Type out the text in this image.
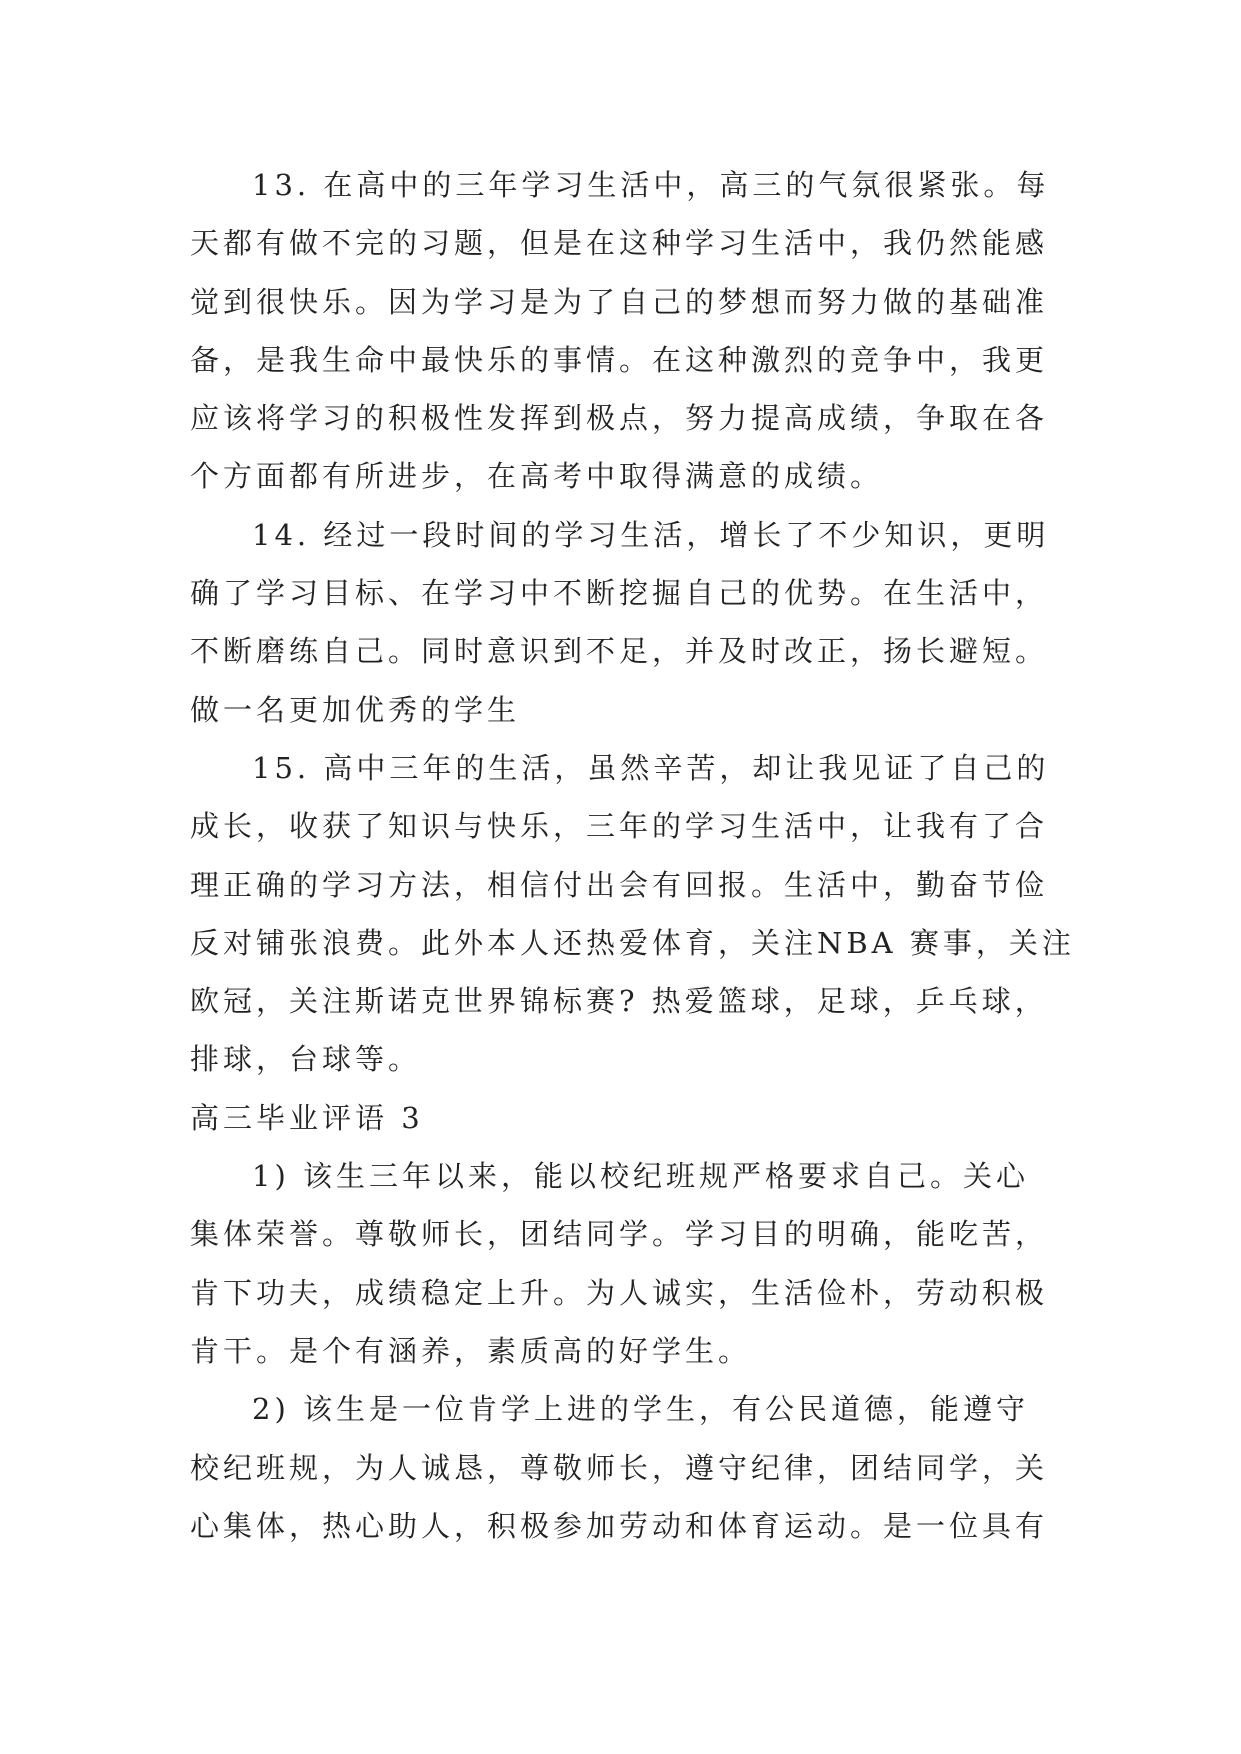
13. 在高中的三年学习生活中，高三的气氛很紧张。每
天都有做不完的习题，但是在这种学习生活中，我仍然能感
觉到很快乐。因为学习是为了自己的梦想而努力做的基础准
备，是我生命中最快乐的事情。在这种激烈的竞争中，我更
应该将学习的积极性发挥到极点，努力提高成绩，争取在各
个方面都有所进步，在高考中取得满意的成绩。
14. 经过一段时间的学习生活，增长了不少知识，更明
确了学习目标、在学习中不断挖掘自己的优势。在生活中，
不断磨练自己。同时意识到不足，并及时改正，扬长避短。
做一名更加优秀的学生
15. 高中三年的生活，虽然辛苦，却让我见证了自己的
成长，收获了知识与快乐，三年的学习生活中，让我有了合
理正确的学习方法，相信付出会有回报。生活中，勤奋节俭
反对铺张浪费。此外本人还热爱体育，关注NBA 赛事，关注
欧冠，关注斯诺克世界锦标赛? 热爱篮球，足球，乒乓球，
排球，台球等。
高三毕业评语 3
1) 该生三年以来，能以校纪班规严格要求自己。关心
集体荣誉。尊敬师长，团结同学。学习目的明确，能吃苦，
肯下功夫，成绩稳定上升。为人诚实，生活俭朴，劳动积极
肯干。是个有涵养，素质高的好学生。
2) 该生是一位肯学上进的学生，有公民道德，能遵守
校纪班规，为人诚恳，尊敬师长，遵守纪律，团结同学，关
心集体，热心助人，积极参加劳动和体育运动。是一位具有
